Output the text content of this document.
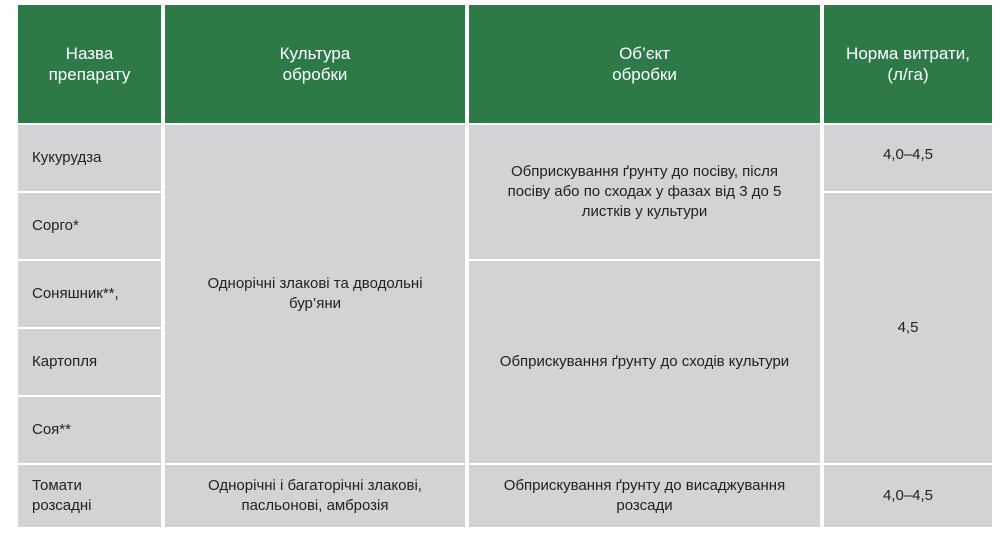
Назва
препарату
Культура
обробки
Об’єкт
обробки
Норма витрати,
(л/га)
Кукурудза
Сорго*
Соняшник**,
Картопля
Соя**
Однорічні злакові та дводольні
бур’яни
Обприскування ґрунту до посіву, після
посіву або по сходах у фазах від 3 до 5
листків у культури
Обприскування ґрунту до сходів культури
4,0–4,5
4,5
Томати
розсадні
Однорічні і багаторічні злакові,
пасльонові, амброзія
Обприскування ґрунту до висаджування
розсади
4,0–4,5
